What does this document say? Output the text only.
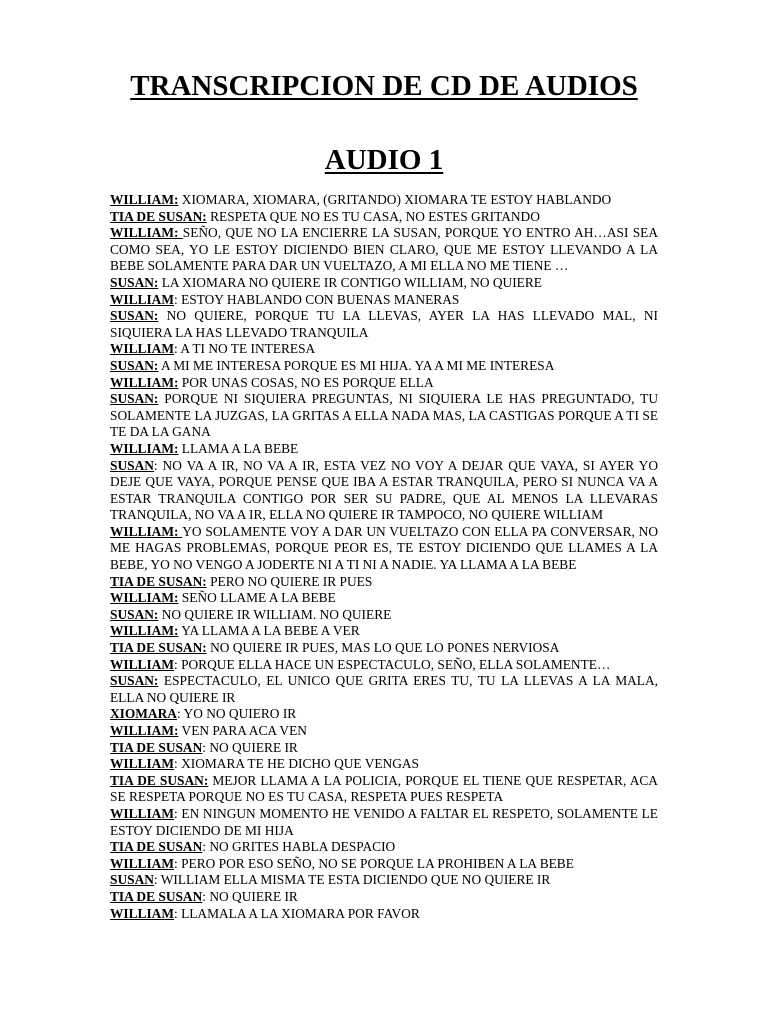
TRANSCRIPCION DE CD DE AUDIOS
AUDIO 1

WILLIAM: XIOMARA, XIOMARA, (GRITANDO) XIOMARA TE ESTOY HABLANDO

TIA DE SUSAN: RESPETA QUE NO ES TU CASA, NO ESTES GRITANDO

WILLIAM: SEÑO, QUE NO LA ENCIERRE LA SUSAN, PORQUE YO ENTRO AH…ASI SEA COMO SEA, YO LE ESTOY DICIENDO BIEN CLARO, QUE ME ESTOY LLEVANDO A LA BEBE SOLAMENTE PARA DAR UN VUELTAZO, A MI ELLA NO ME TIENE …

SUSAN: LA XIOMARA NO QUIERE IR CONTIGO WILLIAM, NO QUIERE

WILLIAM: ESTOY HABLANDO CON BUENAS MANERAS

SUSAN: NO QUIERE, PORQUE TU LA LLEVAS, AYER LA HAS LLEVADO MAL, NI SIQUIERA LA HAS LLEVADO TRANQUILA

WILLIAM: A TI NO TE INTERESA

SUSAN: A MI ME INTERESA PORQUE ES MI HIJA. YA A MI ME INTERESA

WILLIAM: POR UNAS COSAS, NO ES PORQUE ELLA

SUSAN: PORQUE NI SIQUIERA PREGUNTAS, NI SIQUIERA LE HAS PREGUNTADO, TU SOLAMENTE LA JUZGAS, LA GRITAS A ELLA NADA MAS, LA CASTIGAS PORQUE A TI SE TE DA LA GANA

WILLIAM: LLAMA A LA BEBE

SUSAN: NO VA A IR, NO VA A IR, ESTA VEZ NO VOY A DEJAR QUE VAYA, SI AYER YO DEJE QUE VAYA, PORQUE PENSE QUE IBA A ESTAR TRANQUILA, PERO SI NUNCA VA A ESTAR TRANQUILA CONTIGO POR SER SU PADRE, QUE AL MENOS LA LLEVARAS TRANQUILA, NO VA A IR, ELLA NO QUIERE IR TAMPOCO, NO QUIERE WILLIAM

WILLIAM: YO SOLAMENTE VOY A DAR UN VUELTAZO CON ELLA PA CONVERSAR, NO ME HAGAS PROBLEMAS, PORQUE PEOR ES, TE ESTOY DICIENDO QUE LLAMES A LA BEBE, YO NO VENGO A JODERTE NI A TI NI A NADIE. YA LLAMA A LA BEBE

TIA DE SUSAN: PERO NO QUIERE IR PUES

WILLIAM: SEÑO LLAME A LA BEBE

SUSAN: NO QUIERE IR WILLIAM. NO QUIERE

WILLIAM: YA LLAMA A LA BEBE A VER

TIA DE SUSAN: NO QUIERE IR PUES, MAS LO QUE LO PONES NERVIOSA

WILLIAM: PORQUE ELLA HACE UN ESPECTACULO, SEÑO, ELLA SOLAMENTE…

SUSAN: ESPECTACULO, EL UNICO QUE GRITA ERES TU, TU LA LLEVAS A LA MALA, ELLA NO QUIERE IR

XIOMARA: YO NO QUIERO IR

WILLIAM: VEN PARA ACA VEN

TIA DE SUSAN: NO QUIERE IR

WILLIAM: XIOMARA TE HE DICHO QUE VENGAS

TIA DE SUSAN: MEJOR LLAMA A LA POLICIA, PORQUE EL TIENE QUE RESPETAR, ACA SE RESPETA PORQUE NO ES TU CASA, RESPETA PUES RESPETA

WILLIAM: EN NINGUN MOMENTO HE VENIDO A FALTAR EL RESPETO, SOLAMENTE LE ESTOY DICIENDO DE MI HIJA

TIA DE SUSAN: NO GRITES HABLA DESPACIO

WILLIAM: PERO POR ESO SEÑO, NO SE PORQUE LA PROHIBEN A LA BEBE

SUSAN: WILLIAM ELLA MISMA TE ESTA DICIENDO QUE NO QUIERE IR

TIA DE SUSAN: NO QUIERE IR

WILLIAM: LLAMALA A LA XIOMARA POR FAVOR
